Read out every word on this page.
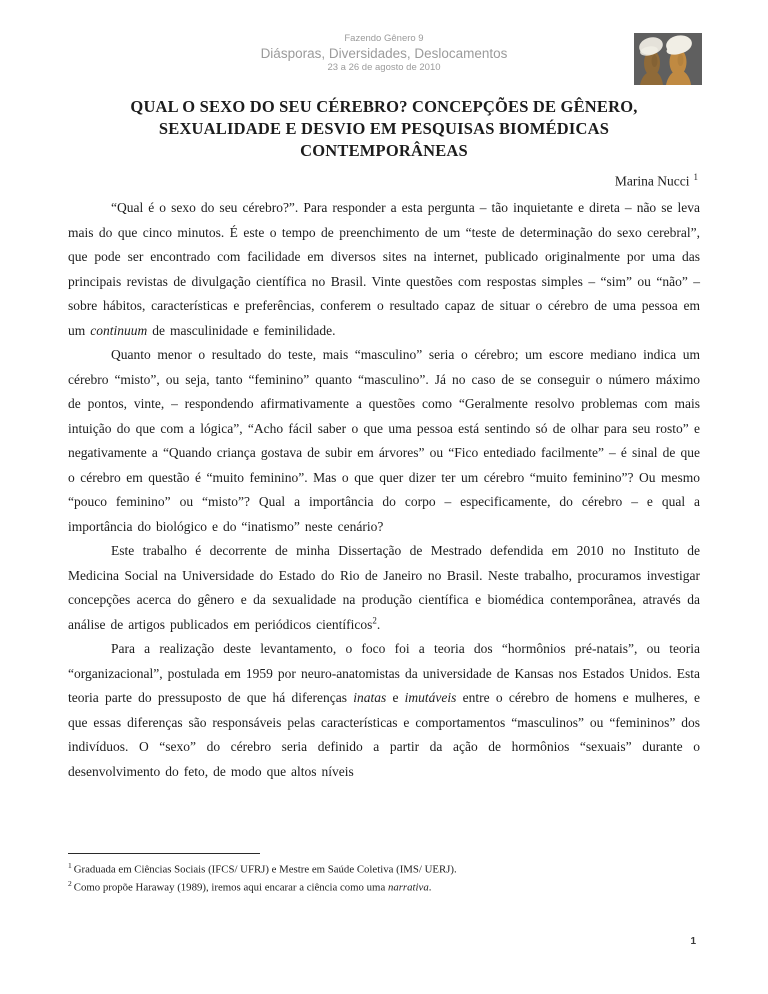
Fazendo Gênero 9
Diásporas, Diversidades, Deslocamentos
23 a 26 de agosto de 2010
QUAL O SEXO DO SEU CÉREBRO? CONCEPÇÕES DE GÊNERO,
SEXUALIDADE E DESVIO EM PESQUISAS BIOMÉDICAS
CONTEMPORÂNEAS
Marina Nucci $^1$

“Qual é o sexo do seu cérebro?”. Para responder a esta pergunta – tão inquietante e direta – não se leva mais do que cinco minutos. É este o tempo de preenchimento de um “teste de determinação do sexo cerebral”, que pode ser encontrado com facilidade em diversos sites na internet, publicado originalmente por uma das principais revistas de divulgação científica no Brasil. Vinte questões com respostas simples – “sim” ou “não” – sobre hábitos, características e preferências, conferem o resultado capaz de situar o cérebro de uma pessoa em um continuum de masculinidade e feminilidade.

Quanto menor o resultado do teste, mais “masculino” seria o cérebro; um escore mediano indica um cérebro “misto”, ou seja, tanto “feminino” quanto “masculino”. Já no caso de se conseguir o número máximo de pontos, vinte, – respondendo afirmativamente a questões como “Geralmente resolvo problemas com mais intuição do que com a lógica”, “Acho fácil saber o que uma pessoa está sentindo só de olhar para seu rosto” e negativamente a “Quando criança gostava de subir em árvores” ou “Fico entediado facilmente” – é sinal de que o cérebro em questão é “muito feminino”. Mas o que quer dizer ter um cérebro “muito feminino”? Ou mesmo “pouco feminino” ou “misto”? Qual a importância do corpo – especificamente, do cérebro – e qual a importância do biológico e do “inatismo” neste cenário?

Este trabalho é decorrente de minha Dissertação de Mestrado defendida em 2010 no Instituto de Medicina Social na Universidade do Estado do Rio de Janeiro no Brasil. Neste trabalho, procuramos investigar concepções acerca do gênero e da sexualidade na produção científica e biomédica contemporânea, através da análise de artigos publicados em periódicos científicos$^2$.

Para a realização deste levantamento, o foco foi a teoria dos “hormônios pré-natais”, ou teoria “organizacional”, postulada em 1959 por neuro-anatomistas da universidade de Kansas nos Estados Unidos. Esta teoria parte do pressuposto de que há diferenças inatas e imutáveis entre o cérebro de homens e mulheres, e que essas diferenças são responsáveis pelas características e comportamentos “masculinos” ou “femininos” dos indivíduos. O “sexo” do cérebro seria definido a partir da ação de hormônios “sexuais” durante o desenvolvimento do feto, de modo que altos níveis

$^1$ Graduada em Ciências Sociais (IFCS/ UFRJ) e Mestre em Saúde Coletiva (IMS/ UERJ).
$^2$ Como propõe Haraway (1989), iremos aqui encarar a ciência como uma narrativa.
1
